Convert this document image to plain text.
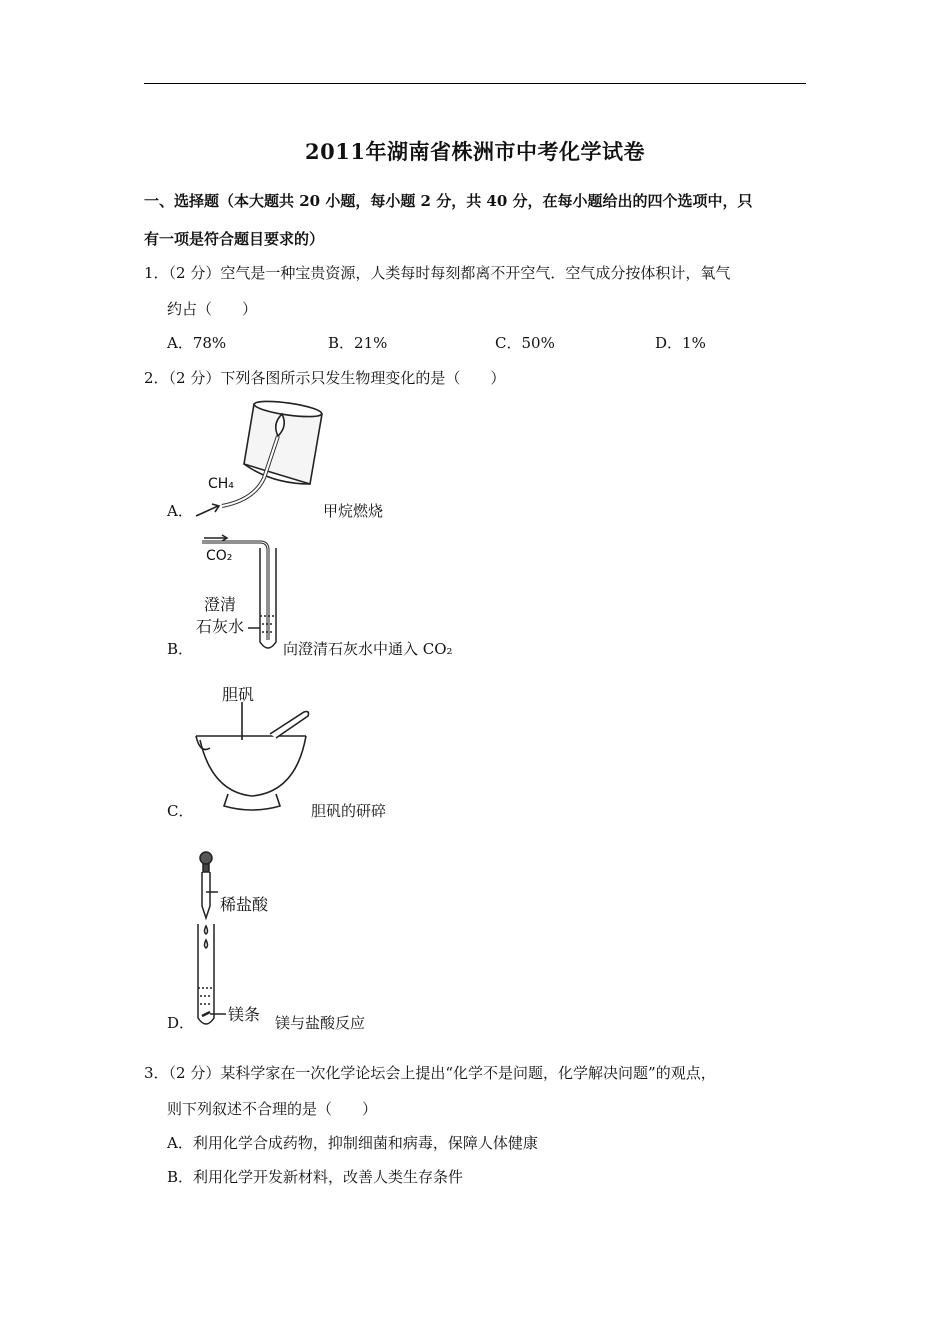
2011年湖南省株洲市中考化学试卷
一、选择题（本大题共 20 小题，每小题 2 分，共 40 分，在每小题给出的四个选项中，只
有一项是符合题目要求的）
1．（2 分）空气是一种宝贵资源，人类每时每刻都离不开空气．空气成分按体积计，氧气
约占（　　）
A．78%	B．21%	C．50%	D．1%
2．（2 分）下列各图所示只发生物理变化的是（　　）
CH₄
A．	甲烷燃烧
CO₂
澄清
石灰水
B．	向澄清石灰水中通入 CO₂
胆矾
C．	胆矾的研碎
稀盐酸
镁条
D．	镁与盐酸反应
3．（2 分）某科学家在一次化学论坛会上提出“化学不是问题，化学解决问题”的观点，
则下列叙述不合理的是（　　）
A．利用化学合成药物，抑制细菌和病毒，保障人体健康
B．利用化学开发新材料，改善人类生存条件
